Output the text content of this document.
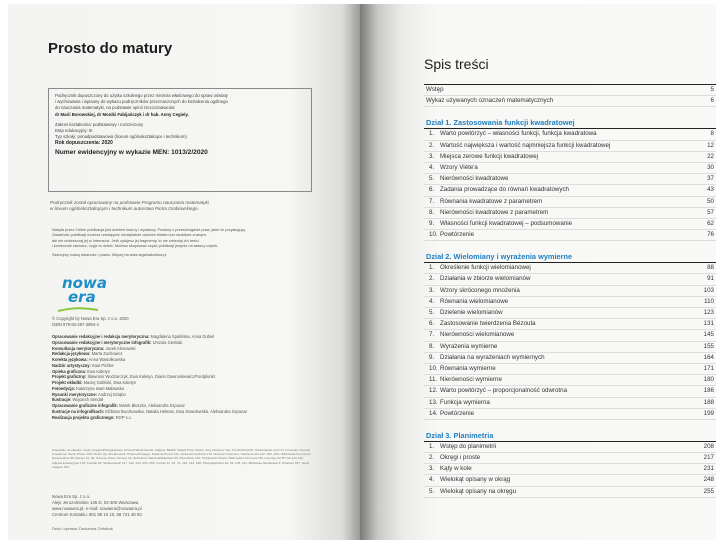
Prosto do matury
Podręcznik dopuszczony do użytku szkolnego przez ministra właściwego do spraw oświaty
i wychowania i wpisany do wykazu podręczników przeznaczonych do kształcenia ogólnego
do nauczania matematyki, na podstawie opinii rzeczoznawców:
dr Marii Borowskiej, dr Moniki Fabijańczyk i dr hab. Anny Cegiely.
Zakres kształcenia: podstawowy i rozszerzony
Etap edukacyjny: III
Typ szkoły: ponadpodstawowa (liceum ogólnokształcące i technikum)
Rok dopuszczenia: 2020
Numer ewidencyjny w wykazie MEN: 1013/2/2020
Podręcznik został opracowany na podstawie Programu nauczania matematyki
w liceum ogólnokształcącym i technikum autorstwa Piotra Grabowskiego.
Nabyta przez Ciebie publikacja jest dziełem twórcy i wydawcy. Prosimy o przestrzeganie praw, jakie im przysługują.
Zawartość publikacji możesz udostępnić nieodpłatnie osobom bliskim lub osobiście znanym,
ale nie umieszczaj jej w Internecie. Jeśli cytujesz jej fragmenty, to nie zmieniaj ich treści
i koniecznie zaznacz, czyje to dzieło. Możesz skopiować część publikacji jedynie na własny użytek.
Szanujmy cudzą własność i prawo. Więcej na www.legalnakultura.pl
nowa
era
© Copyright by Nowa Era Sp. z o.o. 2020
ISBN 978-83-267-3894-4
Opracowanie redakcyjne i redakcja merytoryczna: Magdalena Spalińska, Anna Dubiel
Opracowanie redakcyjne i merytoryczne infografik: Urszula Gielniak
Konsultacja merytoryczna: Jacek Kłosowski
Redakcja językowa: Marta Zuchowicz
Korekta językowa: Anna Wasiołkowska
Nadzór artystyczny: Kaia Pichler
Opieka graficzna: Ewa Kaletyn
Projekt graficzny: Sławomir Wodzarczyk, Ewa Kaletyn, Diana Gawronkiewicz/Fordplunkt
Projekt okładki: Maciej Galiński, Ewa Kaletyn
Fotoedycja: Katarzyna Iwan-Malawska
Rysunki merytoryczne: Andrzej Dziąbo
Ilustracje: Wojciech Sendał
Opracowanie graficzne infografik: Marek Błoszko, Aleksandra Szpunar
Ilustracje na infografikach: Elżbieta Buczkowska, Natalia Helman, Ewa Sowulewska, Aleksandra Szpunar
Realizacja projektu graficznego: ROP s.c.
Fotografie na okładce: Getty Images/Photographers Choice/Hamid Sardar. Zdjęcia: BE&W: Dawid Prior/ Clicks, Tony Mowrey/ Yeti; CA Wordsworth; Shutterstock.com/ 31 / Pyramid; Konrad Kowalczyk; Stock Photo/ 106; Pixels (2); Shutterstock; Pinterest/images; National Press/ 121; Nowa Era Archive/ 176 / Everett Collection; Shutterstock/ 142, 160, 166 / Wikimedia Commons; Dreamstime/ 95; Alamy/ 21, 50; Science Photo Library/ 31; Schweizer Nationalbibliothek/ 96; Photodisc/ 215; Thinkstock/ iStock; Wikimedia Commons/ 89; Licencja CC BY-SA 4.0/ 134; Zdjęcia ilustracyjne/ 178; Fotolia/ 29; Shutterstock/ 117, 219, 244, 250, 256; Corbis/ 11, 45, 74, 124, 143, 198; Photographers/ 40, 62, 135, 211; Biblioteka Narodowa/ 4; Pixabay/ 237; Getty Images/ 251.
Nowa Era Sp. z o.o.
Aleje Jerozolimskie 146 D, 02-305 Warszawa
www.nowaera.pl, e-mail: nowaera@nowaera.pl
Centrum Kontaktu: 801 88 10 10, 58 721 48 00
Druk i oprawa: Drukarnia Orthdruk
Spis treści
Wstęp	5
Wykaz używanych oznaczeń matematycznych	6
Dział 1. Zastosowania funkcji kwadratowej
1. Warto powtórzyć – własności funkcji, funkcja kwadratowa	8
2. Wartość największa i wartość najmniejsza funkcji kwadratowej	12
3. Miejsca zerowe funkcji kwadratowej	22
4. Wzory Viète'a	30
5. Nierówności kwadratowe	37
6. Zadania prowadzące do równań kwadratowych	43
7. Równania kwadratowe z parametrem	50
8. Nierówności kwadratowe z parametrem	57
9. Własności funkcji kwadratowej – podsumowanie	62
10. Powtórzenie	76
Dział 2. Wielomiany i wyrażenia wymierne
1. Określenie funkcji wielomianowej	88
2. Działania w zbiorze wielomianów	91
3. Wzory skróconego mnożenia	103
4. Równania wielomianowe	110
5. Dzielenie wielomianów	123
6. Zastosowanie twierdzenia Bézouta	131
7. Nierówności wielomianowe	145
8. Wyrażenia wymierne	155
9. Działania na wyrażeniach wymiernych	164
10. Równania wymierne	171
11. Nierówności wymierne	180
12. Warto powtórzyć – proporcjonalność odwrotna	186
13. Funkcja wymierna	188
14. Powtórzenie	199
Dział 3. Planimetria
1. Wstęp do planimetrii	208
2. Okręgi i proste	217
3. Kąty w kole	231
4. Wielokąt opisany w okrąg	248
5. Wielokąt opisany na okręgu	255
